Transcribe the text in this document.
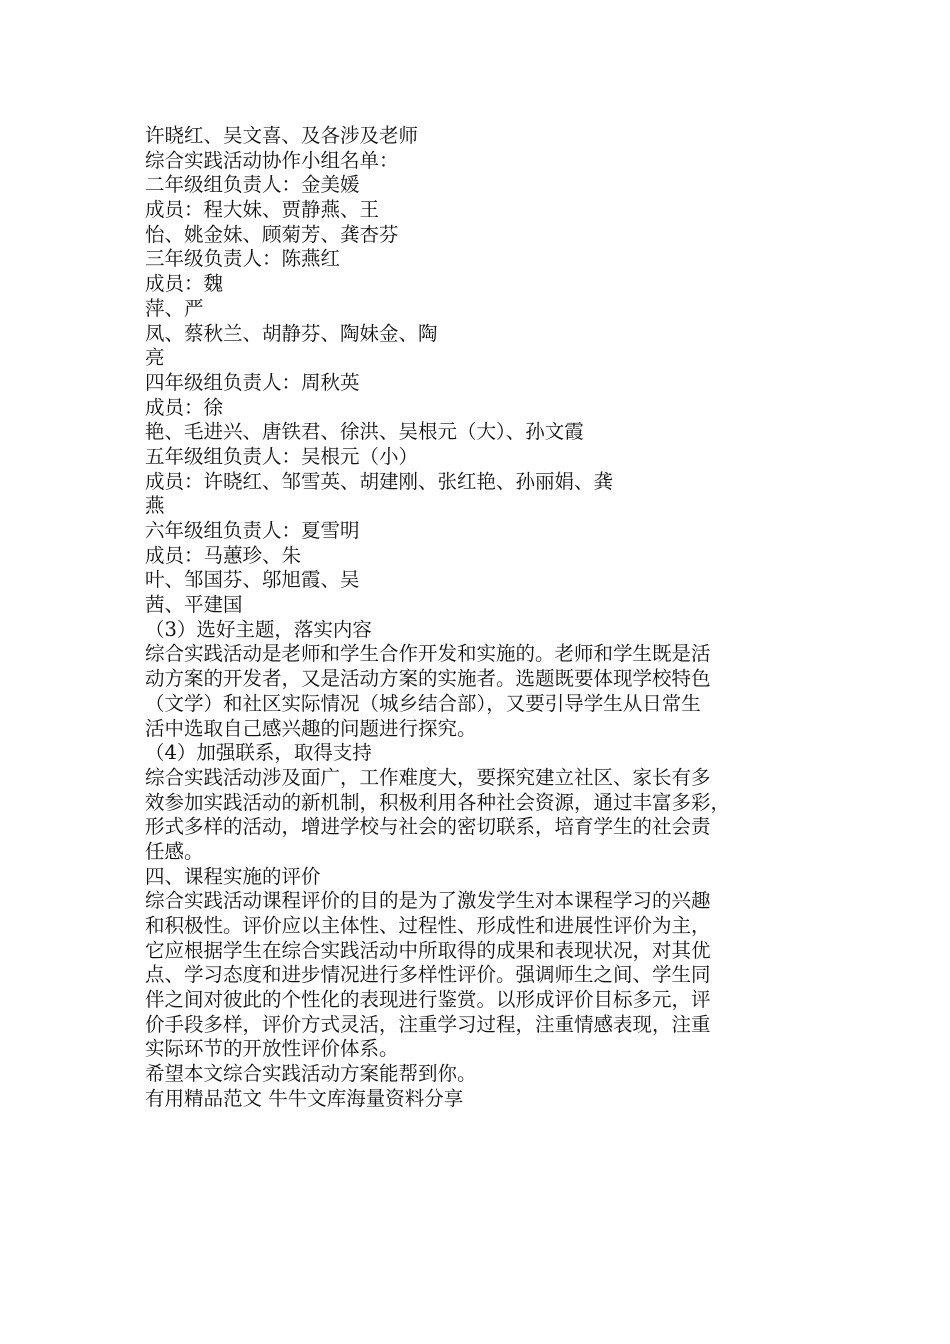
许晓红、吴文喜、及各涉及老师
综合实践活动协作小组名单：
二年级组负责人：金美媛
成员：程大妹、贾静燕、王
怡、姚金妹、顾菊芳、龚杏芬
三年级负责人：陈燕红
成员：魏
萍、严
凤、蔡秋兰、胡静芬、陶妹金、陶
亮
四年级组负责人：周秋英
成员：徐
艳、毛进兴、唐铁君、徐洪、吴根元（大）、孙文霞
五年级组负责人：吴根元（小）
成员：许晓红、邹雪英、胡建刚、张红艳、孙丽娟、龚
燕
六年级组负责人：夏雪明
成员：马蕙珍、朱
叶、邹国芬、邬旭霞、吴
茜、平建国
（3）选好主题，落实内容
综合实践活动是老师和学生合作开发和实施的。老师和学生既是活
动方案的开发者，又是活动方案的实施者。选题既要体现学校特色
（文学）和社区实际情况（城乡结合部），又要引导学生从日常生
活中选取自己感兴趣的问题进行探究。
（4）加强联系，取得支持
综合实践活动涉及面广，工作难度大，要探究建立社区、家长有多
效参加实践活动的新机制，积极利用各种社会资源，通过丰富多彩，
形式多样的活动，增进学校与社会的密切联系，培育学生的社会责
任感。
四、课程实施的评价
综合实践活动课程评价的目的是为了激发学生对本课程学习的兴趣
和积极性。评价应以主体性、过程性、形成性和进展性评价为主，
它应根据学生在综合实践活动中所取得的成果和表现状况，对其优
点、学习态度和进步情况进行多样性评价。强调师生之间、学生同
伴之间对彼此的个性化的表现进行鉴赏。以形成评价目标多元，评
价手段多样，评价方式灵活，注重学习过程，注重情感表现，注重
实际环节的开放性评价体系。
希望本文综合实践活动方案能帮到你。
有用精品范文 牛牛文库海量资料分享
